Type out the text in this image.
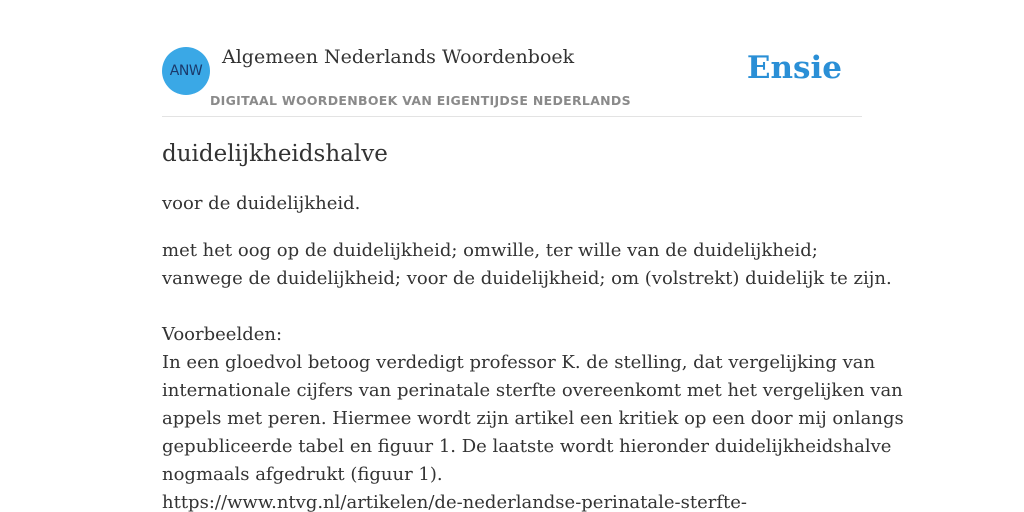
ANW
Algemeen Nederlands Woordenboek
DIGITAAL WOORDENBOEK VAN EIGENTIJDSE NEDERLANDS
Ensie
duidelijkheidshalve

voor de duidelijkheid.

met het oog op de duidelijkheid; omwille, ter wille van de duidelijkheid;
vanwege de duidelijkheid; voor de duidelijkheid; om (volstrekt) duidelijk te zijn.
Voorbeelden:
In een gloedvol betoog verdedigt professor K. de stelling, dat vergelijking van
internationale cijfers van perinatale sterfte overeenkomt met het vergelijken van
appels met peren. Hiermee wordt zijn artikel een kritiek op een door mij onlangs
gepubliceerde tabel en figuur 1. De laatste wordt hieronder duidelijkheidshalve
nogmaals afgedrukt (figuur 1).
https://www.ntvg.nl/artikelen/de-nederlandse-perinatale-sterfte-
